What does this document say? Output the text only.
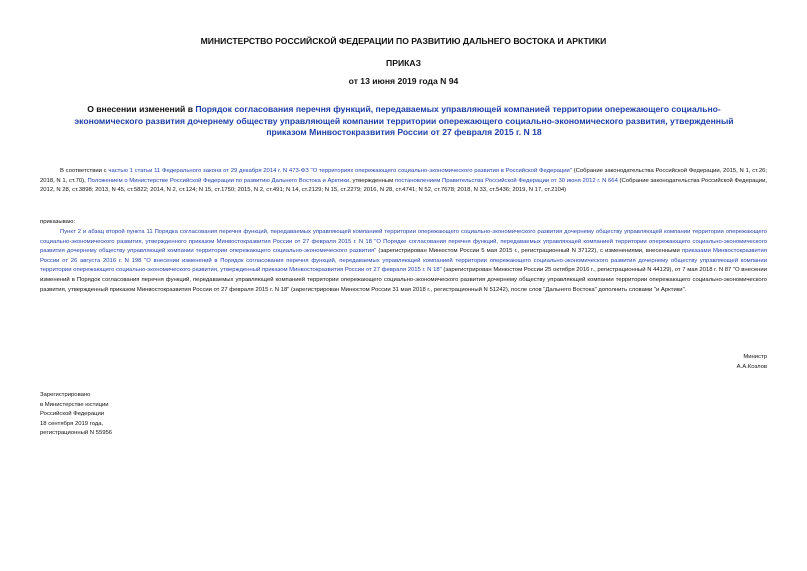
МИНИСТЕРСТВО РОССИЙСКОЙ ФЕДЕРАЦИИ ПО РАЗВИТИЮ ДАЛЬНЕГО ВОСТОКА И АРКТИКИ
ПРИКАЗ
от 13 июня 2019 года N 94
О внесении изменений в Порядок согласования перечня функций, передаваемых управляющей компанией территории опережающего социально-экономического развития дочернему обществу управляющей компании территории опережающего социально-экономического развития, утвержденный приказом Минвостокразвития России от 27 февраля 2015 г. N 18
В соответствии с частью 1 статьи 11 Федерального закона от 29 декабря 2014 г. N 473-ФЗ "О территориях опережающего социально-экономического развития в Российской Федерации" (Собрание законодательства Российской Федерации, 2015, N 1, ст.26; 2018, N 1, ст.70), Положением о Министерстве Российской Федерации по развитию Дальнего Востока и Арктики, утвержденным постановлением Правительства Российской Федерации от 30 июня 2012 г. N 664 (Собрание законодательства Российской Федерации, 2012, N 28, ст.3898; 2013, N 45, ст.5822; 2014, N 2, ст.124; N 15, ст.1750; 2015, N 2, ст.491; N 14, ст.2129; N 15, ст.2279; 2016, N 28, ст.4741; N 52, ст.7678; 2018, N 33, ст.5436; 2019, N 17, ст.2104)
приказываю:
Пункт 2 и абзац второй пункта 11 Порядка согласования перечня функций, передаваемых управляющей компанией территории опережающего социально-экономического развития дочернему обществу управляющей компании территории опережающего социально-экономического развития, утвержденного приказом Минвостокразвития России от 27 февраля 2015 г. N 18 "О Порядке согласования перечня функций, передаваемых управляющей компанией территории опережающего социально-экономического развития дочернему обществу управляющей компании территории опережающего социально-экономического развития" (зарегистрирован Минюстом России 5 мая 2015 г., регистрационный N 37122), с изменениями, внесенными приказами Минвостокразвития России от 26 августа 2016 г. N 198 "О внесении изменений в Порядок согласования перечня функций, передаваемых управляющей компанией территории опережающего социально-экономического развития дочернему обществу управляющей компании территории опережающего социально-экономического развития, утвержденный приказом Минвостокразвития России от 27 февраля 2015 г. N 18" (зарегистрирован Минюстом России 25 октября 2016 г., регистрационный N 44129), от 7 мая 2018 г. N 87 "О внесении изменений в Порядок согласования перечня функций, передаваемых управляющей компанией территории опережающего социально-экономического развития дочернему обществу управляющей компании территории опережающего социально-экономического развития, утвержденный приказом Минвостокразвития России от 27 февраля 2015 г. N 18" (зарегистрирован Минюстом России 31 мая 2018 г., регистрационный N 51242), после слов "Дальнего Востока" дополнить словами "и Арктики".
Министр
А.А.Козлов
Зарегистрировано
в Министерстве юстиции
Российской Федерации
18 сентября 2019 года,
регистрационный N 55956
